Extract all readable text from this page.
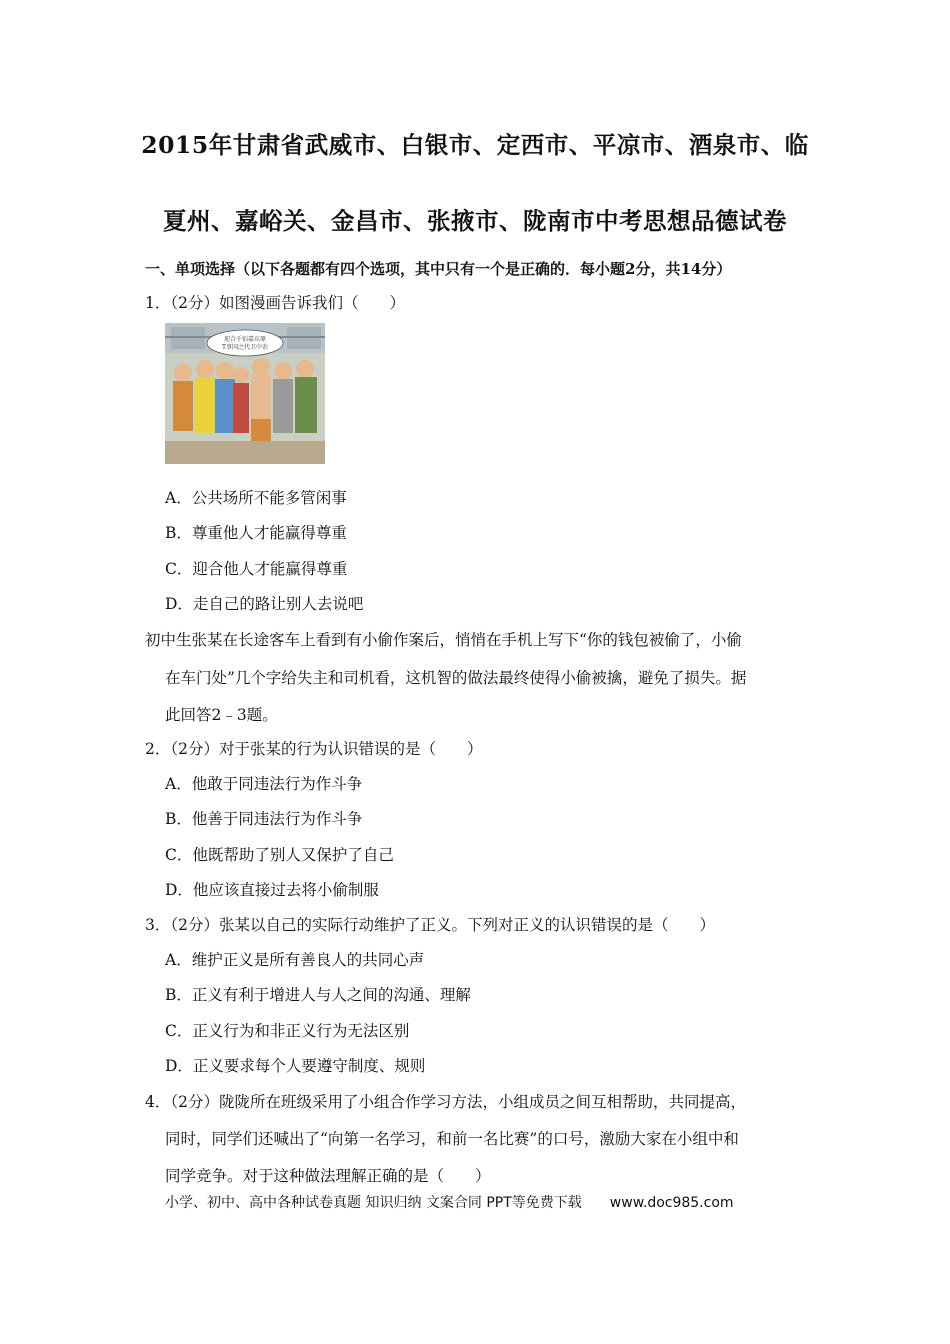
2015年甘肃省武威市、白银市、定西市、平凉市、酒泉市、临
夏州、嘉峪关、金昌市、张掖市、陇南市中考思想品德试卷
一、单项选择（以下各题都有四个选项，其中只有一个是正确的．每小题2分，共14分）
1．（2分）如图漫画告诉我们（　　）
迎合千佰嘉东原
T事国之代卫中农
A．公共场所不能多管闲事
B．尊重他人才能赢得尊重
C．迎合他人才能赢得尊重
D．走自己的路让别人去说吧
初中生张某在长途客车上看到有小偷作案后，悄悄在手机上写下“你的钱包被偷了，小偷
在车门处”几个字给失主和司机看，这机智的做法最终使得小偷被擒，避免了损失。据
此回答2﹣3题。
2．（2分）对于张某的行为认识错误的是（　　）
A．他敢于同违法行为作斗争
B．他善于同违法行为作斗争
C．他既帮助了别人又保护了自己
D．他应该直接过去将小偷制服
3．（2分）张某以自己的实际行动维护了正义。下列对正义的认识错误的是（　　）
A．维护正义是所有善良人的共同心声
B．正义有利于增进人与人之间的沟通、理解
C．正义行为和非正义行为无法区别
D．正义要求每个人要遵守制度、规则
4．（2分）陇陇所在班级采用了小组合作学习方法，小组成员之间互相帮助，共同提高，
同时，同学们还喊出了“向第一名学习，和前一名比赛”的口号，激励大家在小组中和
同学竞争。对于这种做法理解正确的是（　　）
小学、初中、高中各种试卷真题 知识归纳 文案合同 PPT等免费下载 www.doc985.com
